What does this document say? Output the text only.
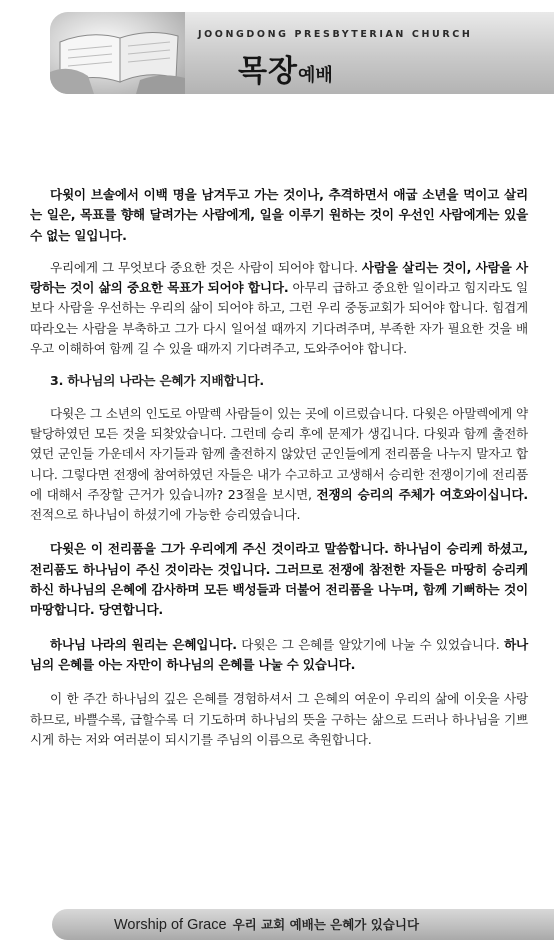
JOONGDONG PRESBYTERIAN CHURCH
목장예배

다윗이 브솔에서 이백 명을 남겨두고 가는 것이나, 추격하면서 애굽 소년을 먹이고 살리는 일은, 목표를 향해 달려가는 사람에게, 일을 이루기 원하는 것이 우선인 사람에게는 있을 수 없는 일입니다.

우리에게 그 무엇보다 중요한 것은 사람이 되어야 합니다. 사람을 살리는 것이, 사람을 사랑하는 것이 삶의 중요한 목표가 되어야 합니다. 아무리 급하고 중요한 일이라고 힘지라도 일보다 사람을 우선하는 우리의 삶이 되어야 하고, 그런 우리 중동교회가 되어야 합니다. 힘겹게 따라오는 사람을 부축하고 그가 다시 일어설 때까지 기다려주며, 부족한 자가 필요한 것을 배우고 이해하여 함께 길 수 있을 때까지 기다려주고, 도와주어야 합니다.

3. 하나님의 나라는 은혜가 지배합니다.

다윗은 그 소년의 인도로 아말렉 사람들이 있는 곳에 이르렀습니다. 다윗은 아말렉에게 약탈당하였던 모든 것을 되찾았습니다. 그런데 승리 후에 문제가 생깁니다. 다윗과 함께 출전하였던 군인들 가운데서 자기들과 함께 출전하지 않았던 군인들에게 전리품을 나누지 말자고 합니다. 그렇다면 전쟁에 참여하였던 자들은 내가 수고하고 고생해서 승리한 전쟁이기에 전리품에 대해서 주장할 근거가 있습니까? 23절을 보시면, 전쟁의 승리의 주체가 여호와이십니다. 전적으로 하나님이 하셨기에 가능한 승리였습니다.

다윗은 이 전리품을 그가 우리에게 주신 것이라고 말씀합니다. 하나님이 승리케 하셨고, 전리품도 하나님이 주신 것이라는 것입니다. 그러므로 전쟁에 참전한 자들은 마땅히 승리케 하신 하나님의 은혜에 감사하며 모든 백성들과 더불어 전리품을 나누며, 함께 기뻐하는 것이 마땅합니다. 당연합니다.

하나님 나라의 원리는 은혜입니다. 다윗은 그 은혜를 알았기에 나눌 수 있었습니다. 하나님의 은혜를 아는 자만이 하나님의 은혜를 나눌 수 있습니다.

이 한 주간 하나님의 깊은 은혜를 경험하셔서 그 은혜의 여운이 우리의 삶에 이웃을 사랑하므로, 바쁠수록, 급할수록 더 기도하며 하나님의 뜻을 구하는 삶으로 드러나 하나님을 기쁘시게 하는 저와 여러분이 되시기를 주님의 이름으로 축원합니다.

Worship of Grace 우리 교회 예배는 은혜가 있습니다
